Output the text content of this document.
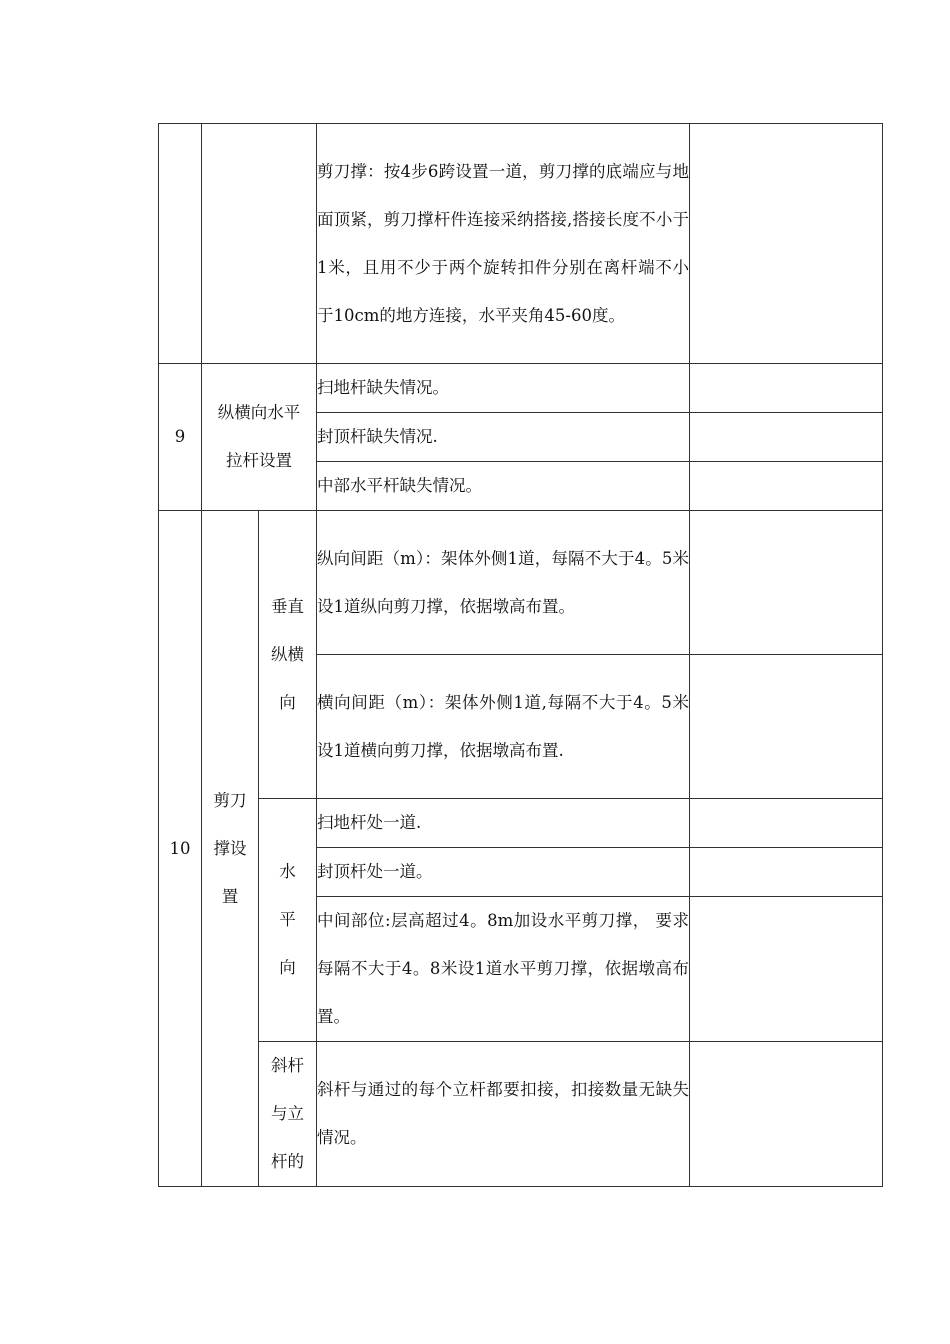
			剪刀撑：按4步6跨设置一道，剪刀撑的底端应与地面顶紧，剪刀撑杆件连接采纳搭接,搭接长度不小于1米，且用不少于两个旋转扣件分别在离杆端不小于10cm的地方连接，水平夹角45-60度。	
9	纵横向水平拉杆设置		扫地杆缺失情况。	
			封顶杆缺失情况.	
			中部水平杆缺失情况。	
10	剪刀撑设置	垂直纵横向	纵向间距（m）：架体外侧1道，每隔不大于4。5米设1道纵向剪刀撑，依据墩高布置。	
			横向间距（m）：架体外侧1道,每隔不大于4。5米设1道横向剪刀撑，依据墩高布置.	
		水平向	扫地杆处一道.	
			封顶杆处一道。	
			中间部位:层高超过4。8m加设水平剪刀撑， 要求每隔不大于4。8米设1道水平剪刀撑，依据墩高布置。	
		斜杆与立杆的	斜杆与通过的每个立杆都要扣接，扣接数量无缺失情况。	
